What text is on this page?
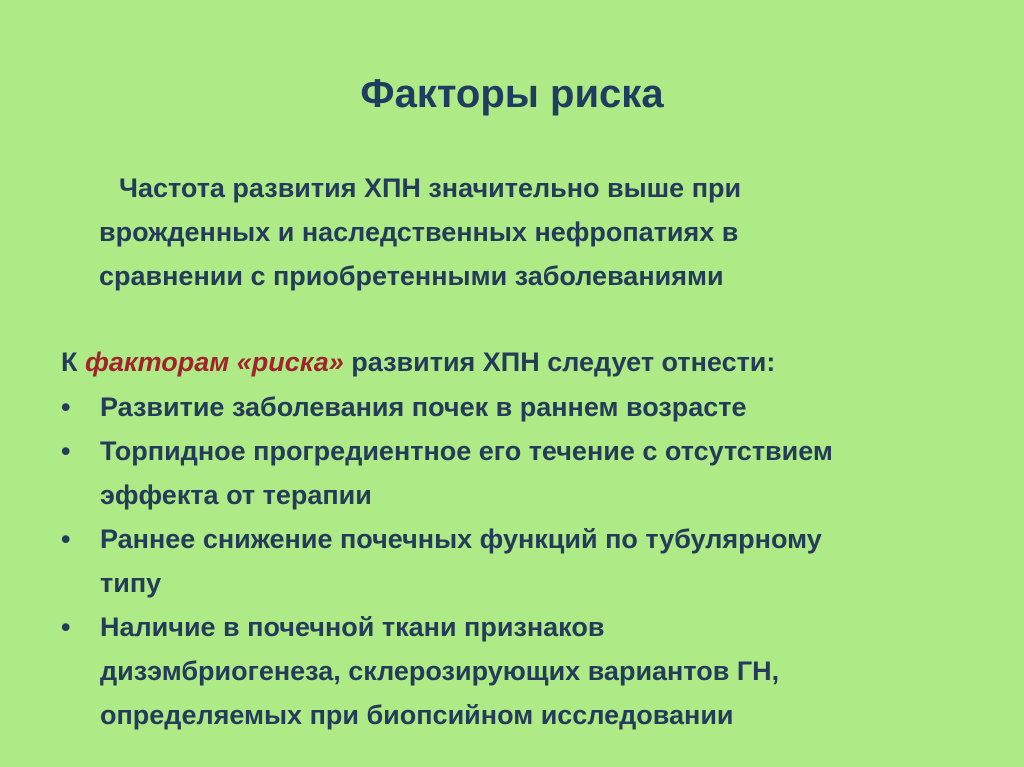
Факторы риска
Частота развития ХПН значительно выше при
врожденных и наследственных нефропатиях в
сравнении с приобретенными заболеваниями
К факторам «риска» развития ХПН следует отнести:
•	Развитие заболевания почек в раннем возрасте
•	Торпидное прогредиентное его течение с отсутствием
эффекта от терапии
•	Раннее снижение почечных функций по тубулярному
типу
•	Наличие в почечной ткани признаков
дизэмбриогенеза, склерозирующих вариантов ГН,
определяемых при биопсийном исследовании
